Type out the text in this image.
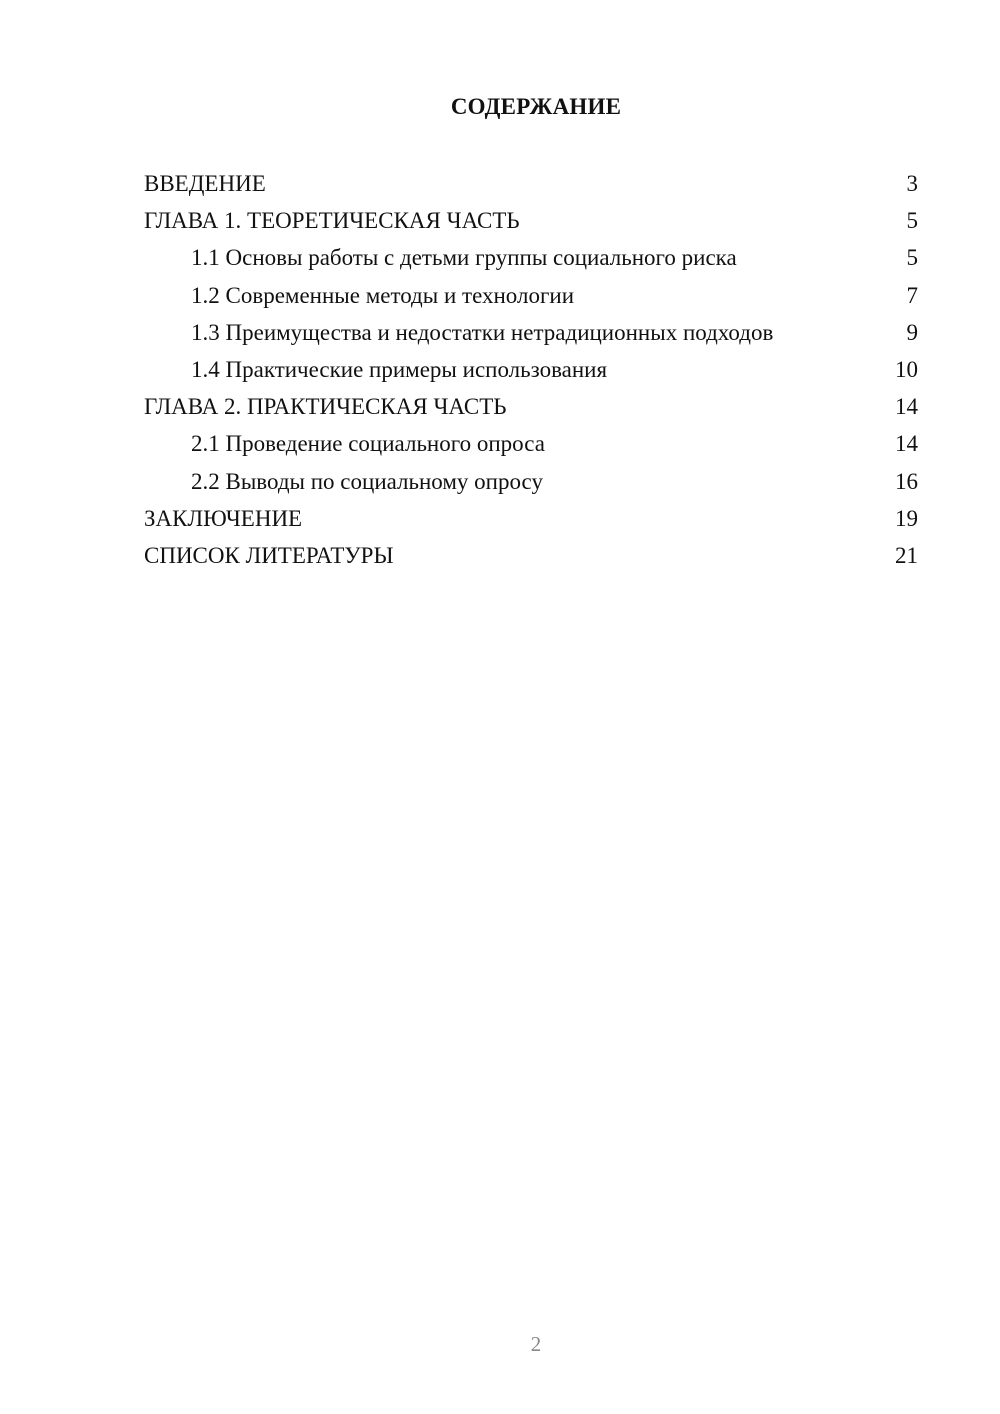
СОДЕРЖАНИЕ
ВВЕДЕНИЕ	3
ГЛАВА 1. ТЕОРЕТИЧЕСКАЯ ЧАСТЬ	5
1.1 Основы работы с детьми группы социального риска	5
1.2 Современные методы и технологии	7
1.3 Преимущества и недостатки нетрадиционных подходов	9
1.4 Практические примеры использования	10
ГЛАВА 2. ПРАКТИЧЕСКАЯ ЧАСТЬ	14
2.1 Проведение социального опроса	14
2.2 Выводы по социальному опросу	16
ЗАКЛЮЧЕНИЕ	19
СПИСОК ЛИТЕРАТУРЫ	21
2
